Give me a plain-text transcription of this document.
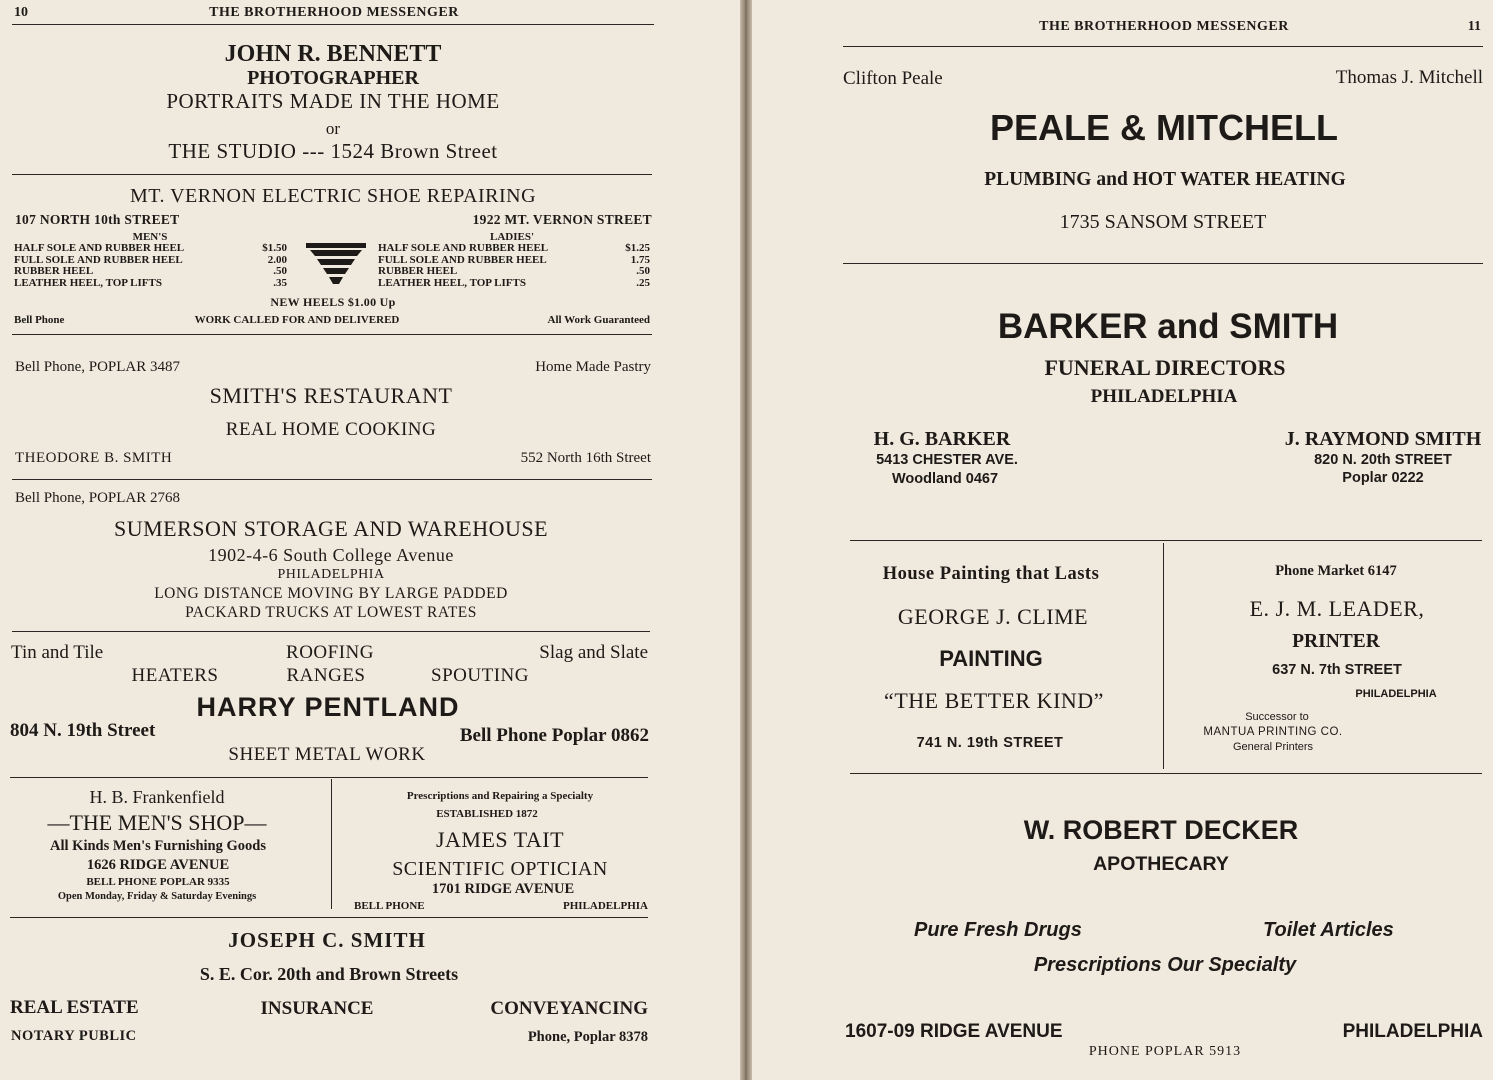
10	THE BROTHERHOOD MESSENGER
JOHN R. BENNETT
PHOTOGRAPHER
PORTRAITS MADE IN THE HOME
or
THE STUDIO --- 1524 Brown Street
MT. VERNON ELECTRIC SHOE REPAIRING
107 NORTH 10th STREET	1922 MT. VERNON STREET
MEN'S	LADIES'
HALF SOLE AND RUBBER HEEL	$1.50
FULL SOLE AND RUBBER HEEL	2.00
RUBBER HEEL	.50
LEATHER HEEL, TOP LIFTS	.35
HALF SOLE AND RUBBER HEEL	$1.25
FULL SOLE AND RUBBER HEEL	1.75
RUBBER HEEL	.50
LEATHER HEEL, TOP LIFTS	.25
NEW HEELS $1.00 Up
Bell Phone	WORK CALLED FOR AND DELIVERED	All Work Guaranteed
Bell Phone, POPLAR 3487	Home Made Pastry
SMITH'S RESTAURANT
REAL HOME COOKING
THEODORE B. SMITH	552 North 16th Street
Bell Phone, POPLAR 2768
SUMERSON STORAGE AND WAREHOUSE
1902-4-6 South College Avenue
PHILADELPHIA
LONG DISTANCE MOVING BY LARGE PADDED
PACKARD TRUCKS AT LOWEST RATES
Tin and Tile	ROOFING	Slag and Slate
HEATERS	RANGES	SPOUTING
HARRY PENTLAND
804 N. 19th Street	Bell Phone Poplar 0862
SHEET METAL WORK
H. B. Frankenfield
—THE MEN'S SHOP—
All Kinds Men's Furnishing Goods
1626 RIDGE AVENUE
BELL PHONE POPLAR 9335
Open Monday, Friday & Saturday Evenings
Prescriptions and Repairing a Specialty
ESTABLISHED 1872
JAMES TAIT
SCIENTIFIC OPTICIAN
1701 RIDGE AVENUE
BELL PHONE	PHILADELPHIA
JOSEPH C. SMITH
S. E. Cor. 20th and Brown Streets
REAL ESTATE	INSURANCE	CONVEYANCING
NOTARY PUBLIC	Phone, Poplar 8378
THE BROTHERHOOD MESSENGER	11
Clifton Peale	Thomas J. Mitchell
PEALE & MITCHELL
PLUMBING and HOT WATER HEATING
1735 SANSOM STREET
BARKER and SMITH
FUNERAL DIRECTORS
PHILADELPHIA
H. G. BARKER
5413 CHESTER AVE.
Woodland 0467
J. RAYMOND SMITH
820 N. 20th STREET
Poplar 0222
House Painting that Lasts
GEORGE J. CLIME
PAINTING
“THE BETTER KIND”
741 N. 19th STREET
Phone Market 6147
E. J. M. LEADER,
PRINTER
637 N. 7th STREET
PHILADELPHIA
Successor to
MANTUA PRINTING CO.
General Printers
W. ROBERT DECKER
APOTHECARY
Pure Fresh Drugs	Toilet Articles
Prescriptions Our Specialty
1607-09 RIDGE AVENUE	PHILADELPHIA
PHONE POPLAR 5913
